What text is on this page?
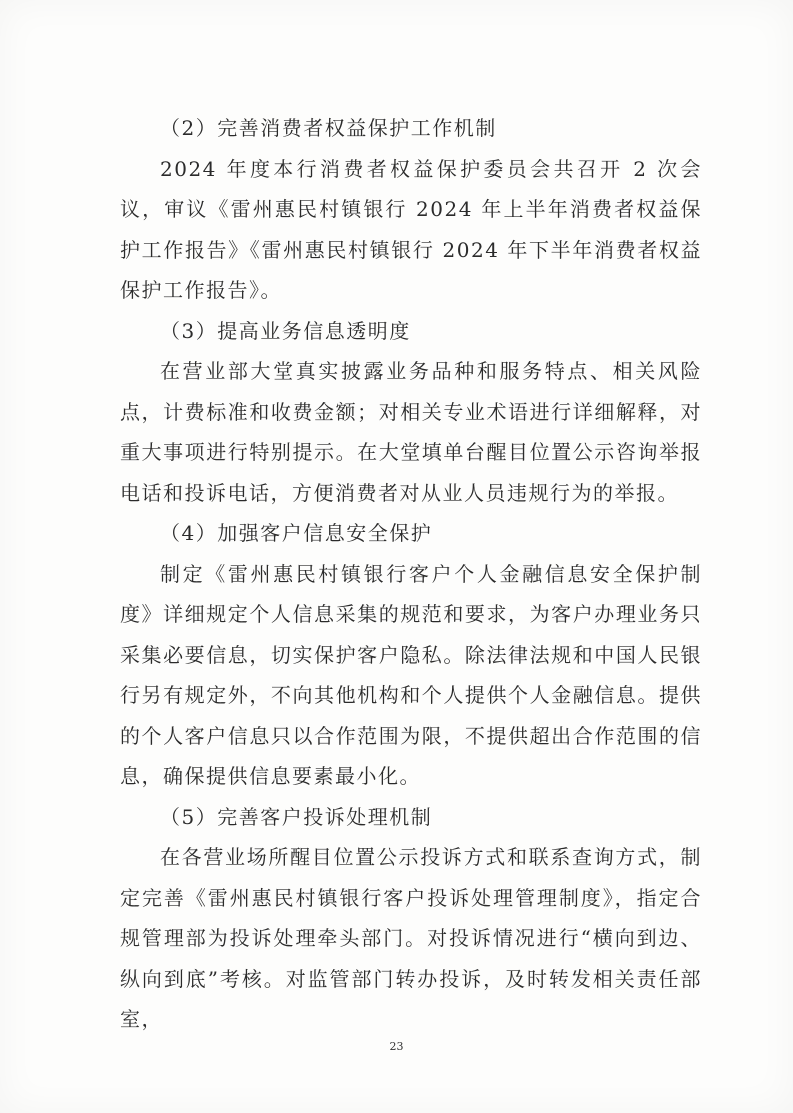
（2）完善消费者权益保护工作机制

2024 年度本行消费者权益保护委员会共召开 2 次会议，审议《雷州惠民村镇银行 2024 年上半年消费者权益保护工作报告》《雷州惠民村镇银行 2024 年下半年消费者权益保护工作报告》。

（3）提高业务信息透明度

在营业部大堂真实披露业务品种和服务特点、相关风险点，计费标准和收费金额；对相关专业术语进行详细解释，对重大事项进行特别提示。在大堂填单台醒目位置公示咨询举报电话和投诉电话，方便消费者对从业人员违规行为的举报。

（4）加强客户信息安全保护

制定《雷州惠民村镇银行客户个人金融信息安全保护制度》详细规定个人信息采集的规范和要求，为客户办理业务只采集必要信息，切实保护客户隐私。除法律法规和中国人民银行另有规定外，不向其他机构和个人提供个人金融信息。提供的个人客户信息只以合作范围为限，不提供超出合作范围的信息，确保提供信息要素最小化。

（5）完善客户投诉处理机制

在各营业场所醒目位置公示投诉方式和联系查询方式，制定完善《雷州惠民村镇银行客户投诉处理管理制度》，指定合规管理部为投诉处理牵头部门。对投诉情况进行“横向到边、纵向到底”考核。对监管部门转办投诉，及时转发相关责任部室，

23
